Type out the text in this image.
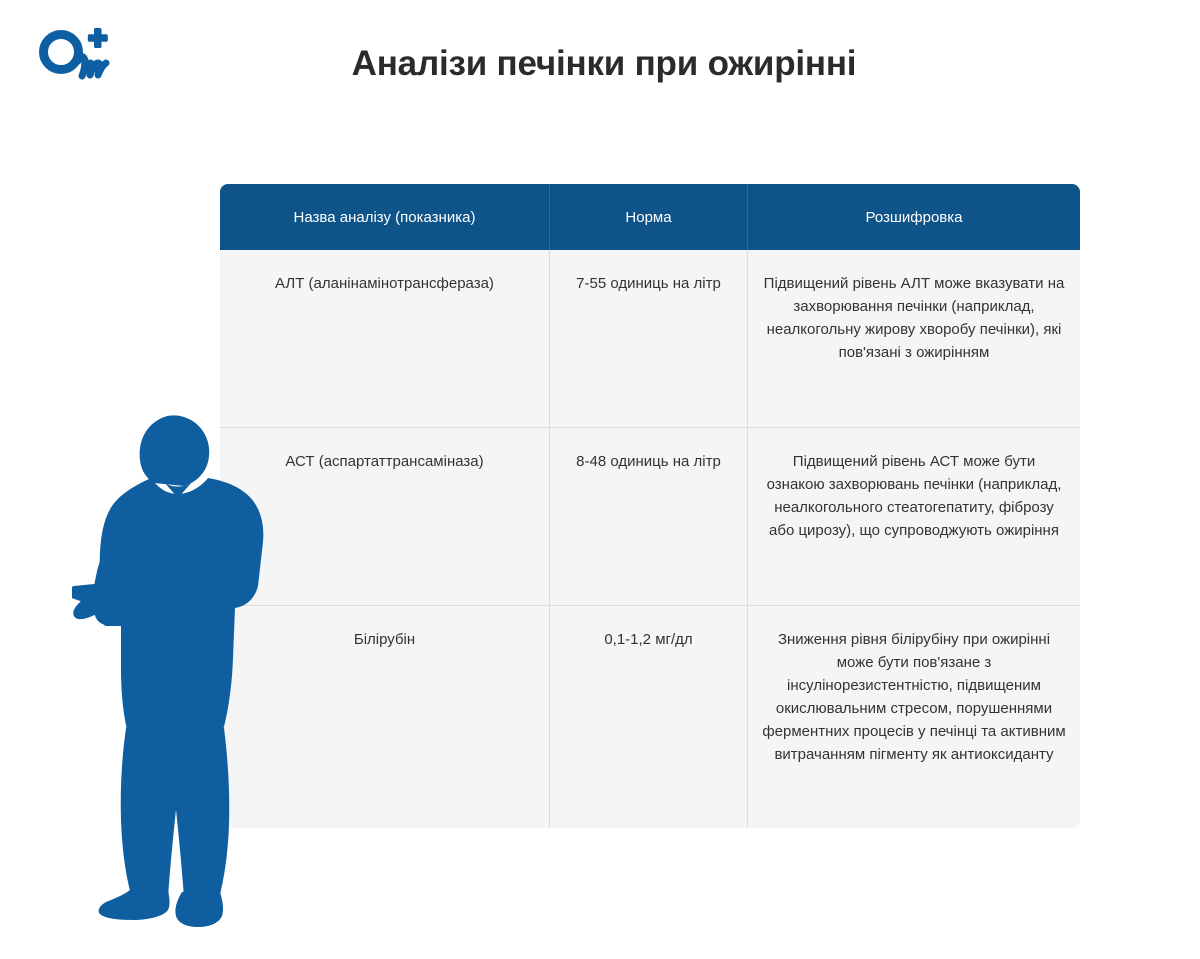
Аналізи печінки при ожирінні
Назва аналізу (показника)	Норма	Розшифровка
АЛТ (аланінамінотрансфераза)	7-55 одиниць на літр	Підвищений рівень АЛТ може вказувати на захворювання печінки (наприклад, неалкогольну жирову хворобу печінки), які пов'язані з ожирінням
АСТ (аспартаттрансаміназа)	8-48 одиниць на літр	Підвищений рівень АСТ може бути ознакою захворювань печінки (наприклад, неалкогольного стеатогепатиту, фіброзу або цирозу), що супроводжують ожиріння
Білірубін	0,1-1,2 мг/дл	Зниження рівня білірубіну при ожирінні може бути пов'язане з інсулінорезистентністю, підвищеним окислювальним стресом, порушеннями ферментних процесів у печінці та активним витрачанням пігменту як антиоксиданту
